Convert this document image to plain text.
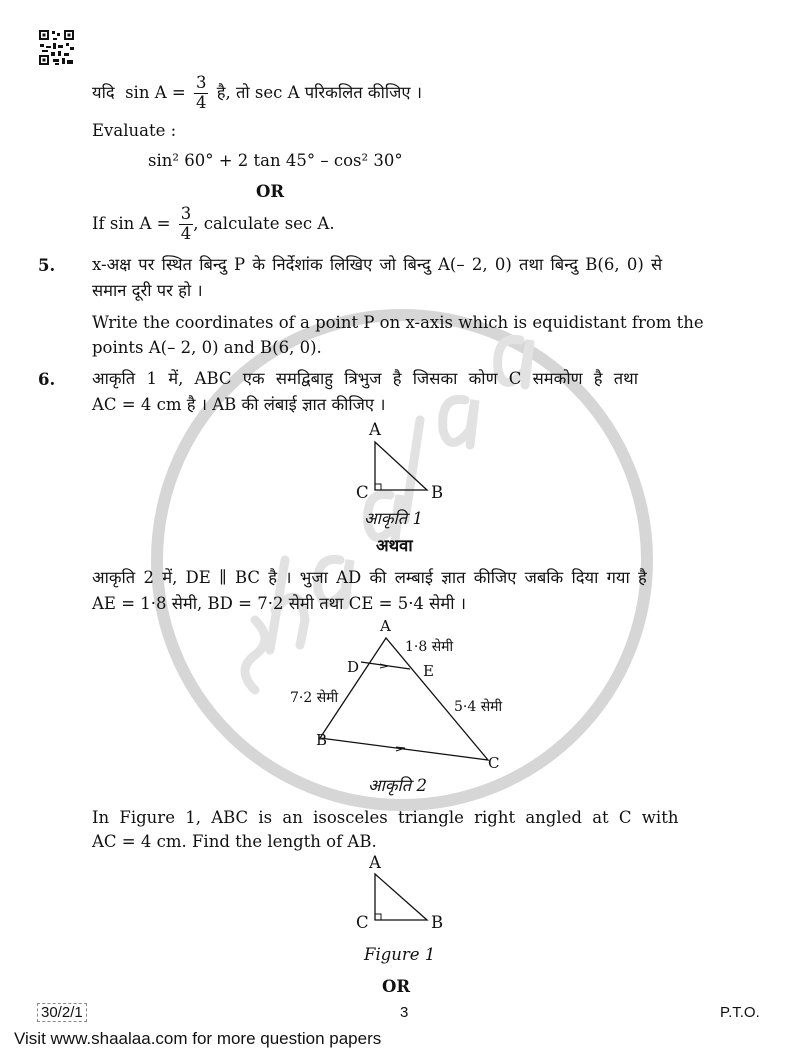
यदि  $\sin A = \frac{3}{4}$ है, तो sec A परिकलित कीजिए ।
Evaluate :
sin² 60° + 2 tan 45° – cos² 30°
OR
If $\sin A = \frac{3}{4}$ , calculate sec A.
5. x-अक्ष पर स्थित बिन्दु P के निर्देशांक लिखिए जो बिन्दु A(– 2, 0) तथा बिन्दु B(6, 0) से
समान दूरी पर हो ।
Write the coordinates of a point P on x-axis which is equidistant from the
points A(– 2, 0) and B(6, 0).
6. आकृति 1 में, ABC एक समद्विबाहु त्रिभुज है जिसका कोण C समकोण है तथा
AC = 4 cm है । AB की लंबाई ज्ञात कीजिए ।
A
C	B
आकृति 1
अथवा
आकृति 2 में, DE ∥ BC है । भुजा AD की लम्बाई ज्ञात कीजिए जबकि दिया गया है
AE = 1·8 सेमी, BD = 7·2 सेमी तथा CE = 5·4 सेमी ।
A
D	E
B
C
1·8 सेमी
7·2 सेमी
5·4 सेमी
आकृति 2
In Figure 1, ABC is an isosceles triangle right angled at C with
AC = 4 cm. Find the length of AB.
A
C	B
Figure 1
OR
30/2/1	3	P.T.O.
Visit www.shaalaa.com for more question papers
